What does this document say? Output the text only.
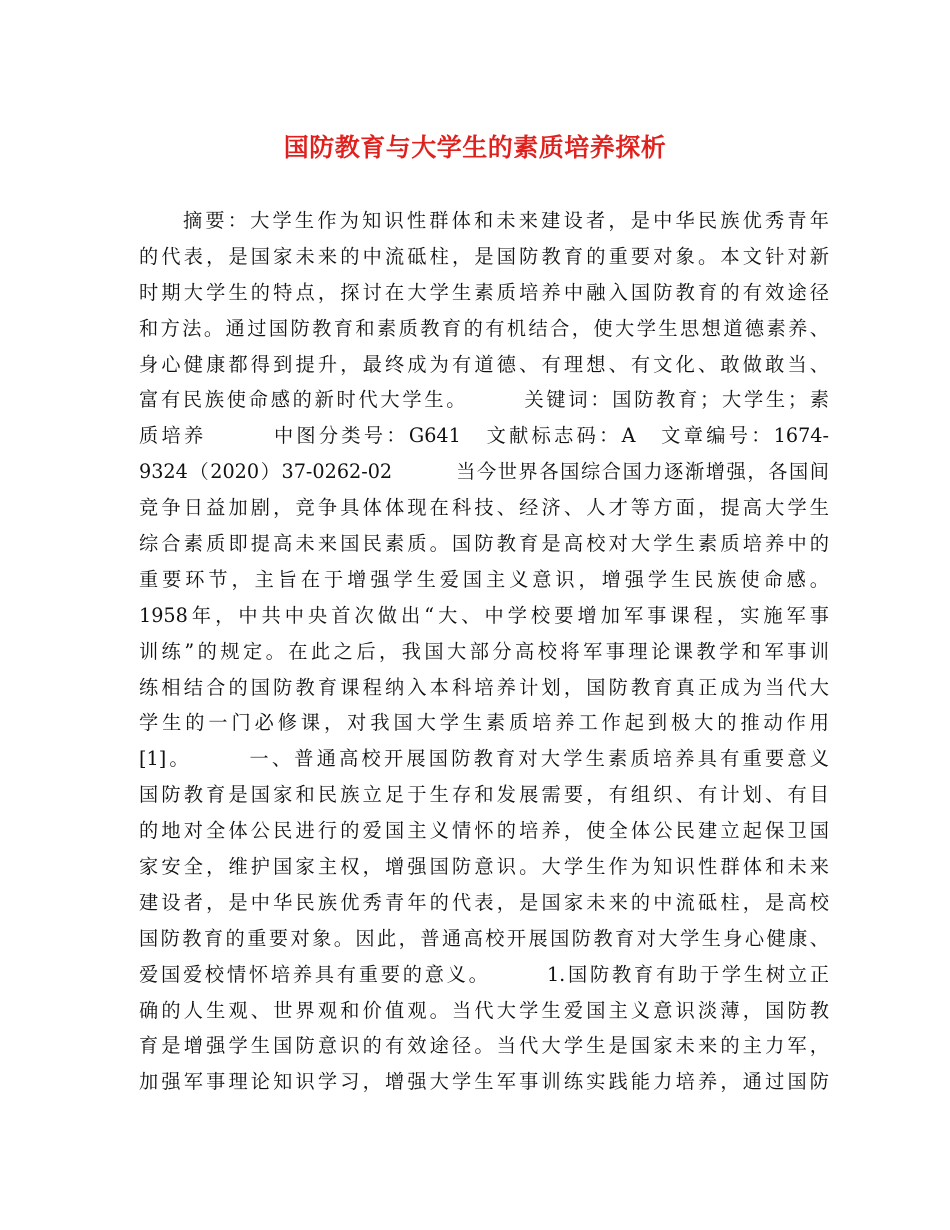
国防教育与大学生的素质培养探析
摘要：大学生作为知识性群体和未来建设者，是中华民族优秀青年
的代表，是国家未来的中流砥柱，是国防教育的重要对象。本文针对新
时期大学生的特点，探讨在大学生素质培养中融入国防教育的有效途径
和方法。通过国防教育和素质教育的有机结合，使大学生思想道德素养、
身心健康都得到提升，最终成为有道德、有理想、有文化、敢做敢当、
富有民族使命感的新时代大学生。　　　关键词：国防教育；大学生；素
质培养　　　中图分类号：G641　文献标志码：A　文章编号：1674-
9324（2020）37-0262-02　　　当今世界各国综合国力逐渐增强，各国间
竞争日益加剧，竞争具体体现在科技、经济、人才等方面，提高大学生
综合素质即提高未来国民素质。国防教育是高校对大学生素质培养中的
重要环节，主旨在于增强学生爱国主义意识，增强学生民族使命感。
1958年，中共中央首次做出“大、中学校要增加军事课程，实施军事
训练”的规定。在此之后，我国大部分高校将军事理论课教学和军事训
练相结合的国防教育课程纳入本科培养计划，国防教育真正成为当代大
学生的一门必修课，对我国大学生素质培养工作起到极大的推动作用
[1]。　　　一、普通高校开展国防教育对大学生素质培养具有重要意义
国防教育是国家和民族立足于生存和发展需要，有组织、有计划、有目
的地对全体公民进行的爱国主义情怀的培养，使全体公民建立起保卫国
家安全，维护国家主权，增强国防意识。大学生作为知识性群体和未来
建设者，是中华民族优秀青年的代表，是国家未来的中流砥柱，是高校
国防教育的重要对象。因此，普通高校开展国防教育对大学生身心健康、
爱国爱校情怀培养具有重要的意义。　　　1.国防教育有助于学生树立正
确的人生观、世界观和价值观。当代大学生爱国主义意识淡薄，国防教
育是增强学生国防意识的有效途径。当代大学生是国家未来的主力军，
加强军事理论知识学习，增强大学生军事训练实践能力培养，通过国防
